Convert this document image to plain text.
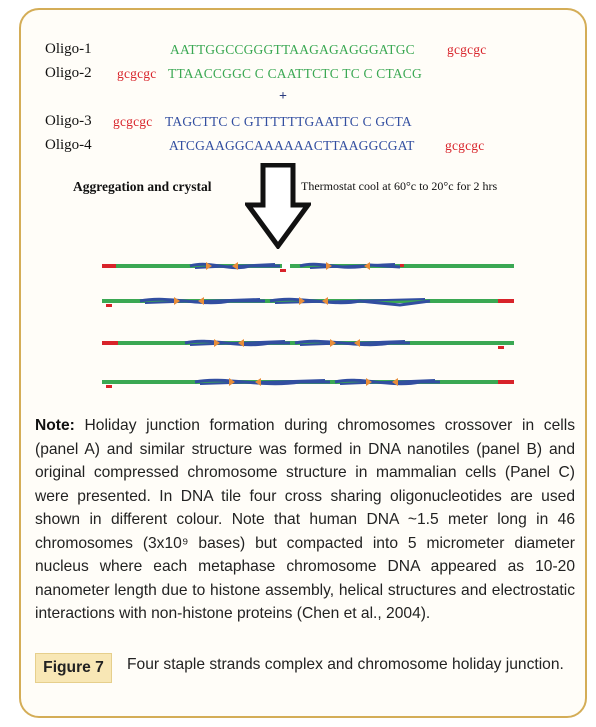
Oligo-1	AATTGGCCGGGTTAAGAGAGGGATGC gcgcgc
Oligo-2 gcgcgc TTAACCGGC C CAATTCTC TC C CTACG
+
Oligo-3 gcgcgc TAGCTTC C GTTTTTTGAATTC C GCTA
Oligo-4	ATCGAAGGCAAAAAACTTAAGGCGAT gcgcgc
Aggregation and crystal	Thermostat cool at 60°c to 20°c for 2 hrs
Note: Holiday junction formation during chromosomes crossover in cells (panel A) and similar structure was formed in DNA nanotiles (panel B) and original compressed chromosome structure in mammalian cells (Panel C) were presented. In DNA tile four cross sharing oligonucleotides are used shown in different colour. Note that human DNA ~1.5 meter long in 46 chromosomes (3x10⁹ bases) but compacted into 5 micrometer diameter nucleus where each metaphase chromosome DNA appeared as 10-20 nanometer length due to histone assembly, helical structures and electrostatic interactions with non-histone proteins (Chen et al., 2004).
Figure 7	Four staple strands complex and chromosome holiday junction.
